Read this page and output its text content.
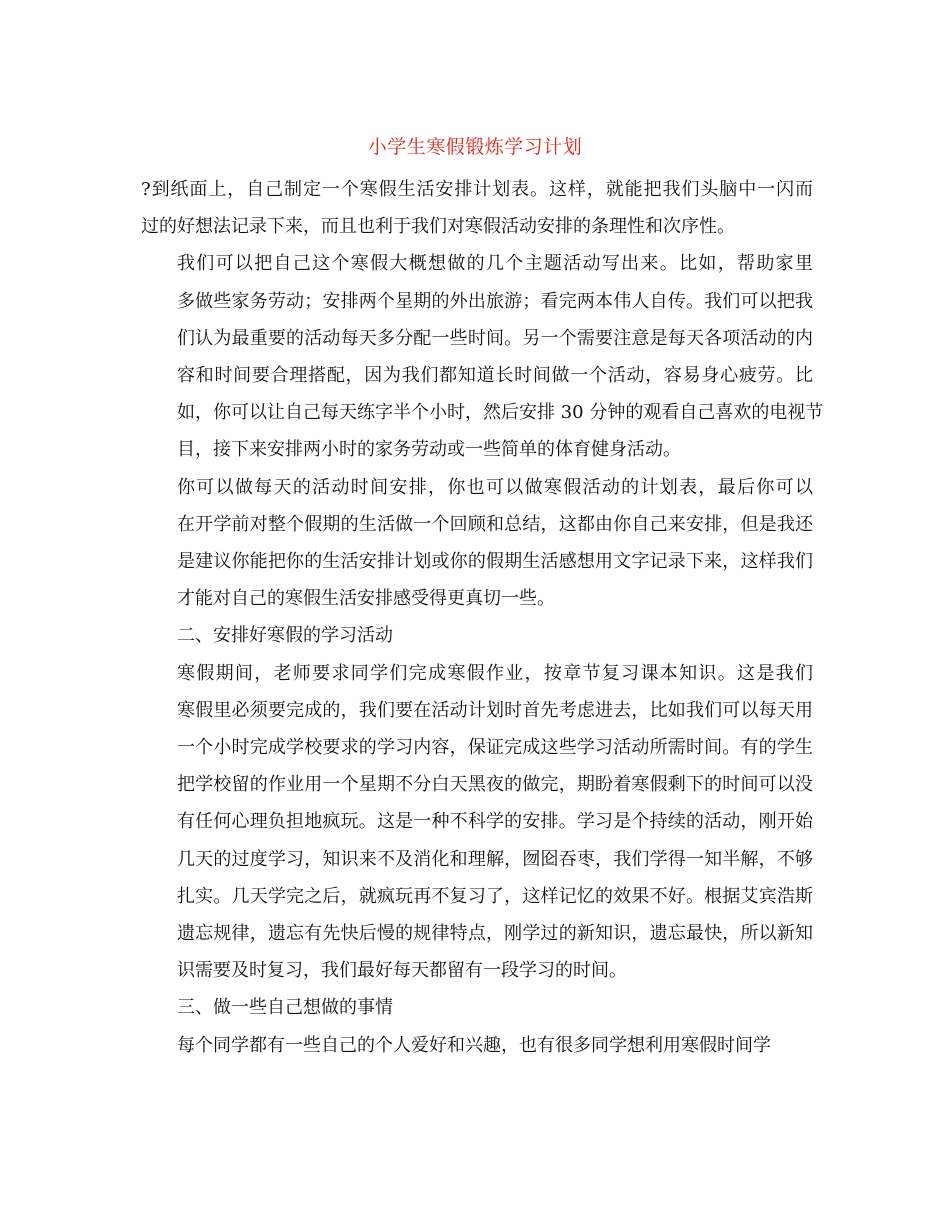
小学生寒假锻炼学习计划
?到纸面上，自己制定一个寒假生活安排计划表。这样，就能把我们头脑中一闪而
过的好想法记录下来，而且也利于我们对寒假活动安排的条理性和次序性。
我们可以把自己这个寒假大概想做的几个主题活动写出来。比如，帮助家里
多做些家务劳动；安排两个星期的外出旅游；看完两本伟人自传。我们可以把我
们认为最重要的活动每天多分配一些时间。另一个需要注意是每天各项活动的内
容和时间要合理搭配，因为我们都知道长时间做一个活动，容易身心疲劳。比
如，你可以让自己每天练字半个小时，然后安排 30 分钟的观看自己喜欢的电视节
目，接下来安排两小时的家务劳动或一些简单的体育健身活动。
你可以做每天的活动时间安排，你也可以做寒假活动的计划表，最后你可以
在开学前对整个假期的生活做一个回顾和总结，这都由你自己来安排，但是我还
是建议你能把你的生活安排计划或你的假期生活感想用文字记录下来，这样我们
才能对自己的寒假生活安排感受得更真切一些。
二、安排好寒假的学习活动
寒假期间，老师要求同学们完成寒假作业，按章节复习课本知识。这是我们
寒假里必须要完成的，我们要在活动计划时首先考虑进去，比如我们可以每天用
一个小时完成学校要求的学习内容，保证完成这些学习活动所需时间。有的学生
把学校留的作业用一个星期不分白天黑夜的做完，期盼着寒假剩下的时间可以没
有任何心理负担地疯玩。这是一种不科学的安排。学习是个持续的活动，刚开始
几天的过度学习，知识来不及消化和理解，囫囵吞枣，我们学得一知半解，不够
扎实。几天学完之后，就疯玩再不复习了，这样记忆的效果不好。根据艾宾浩斯
遗忘规律，遗忘有先快后慢的规律特点，刚学过的新知识，遗忘最快，所以新知
识需要及时复习，我们最好每天都留有一段学习的时间。
三、做一些自己想做的事情
每个同学都有一些自己的个人爱好和兴趣，也有很多同学想利用寒假时间学
